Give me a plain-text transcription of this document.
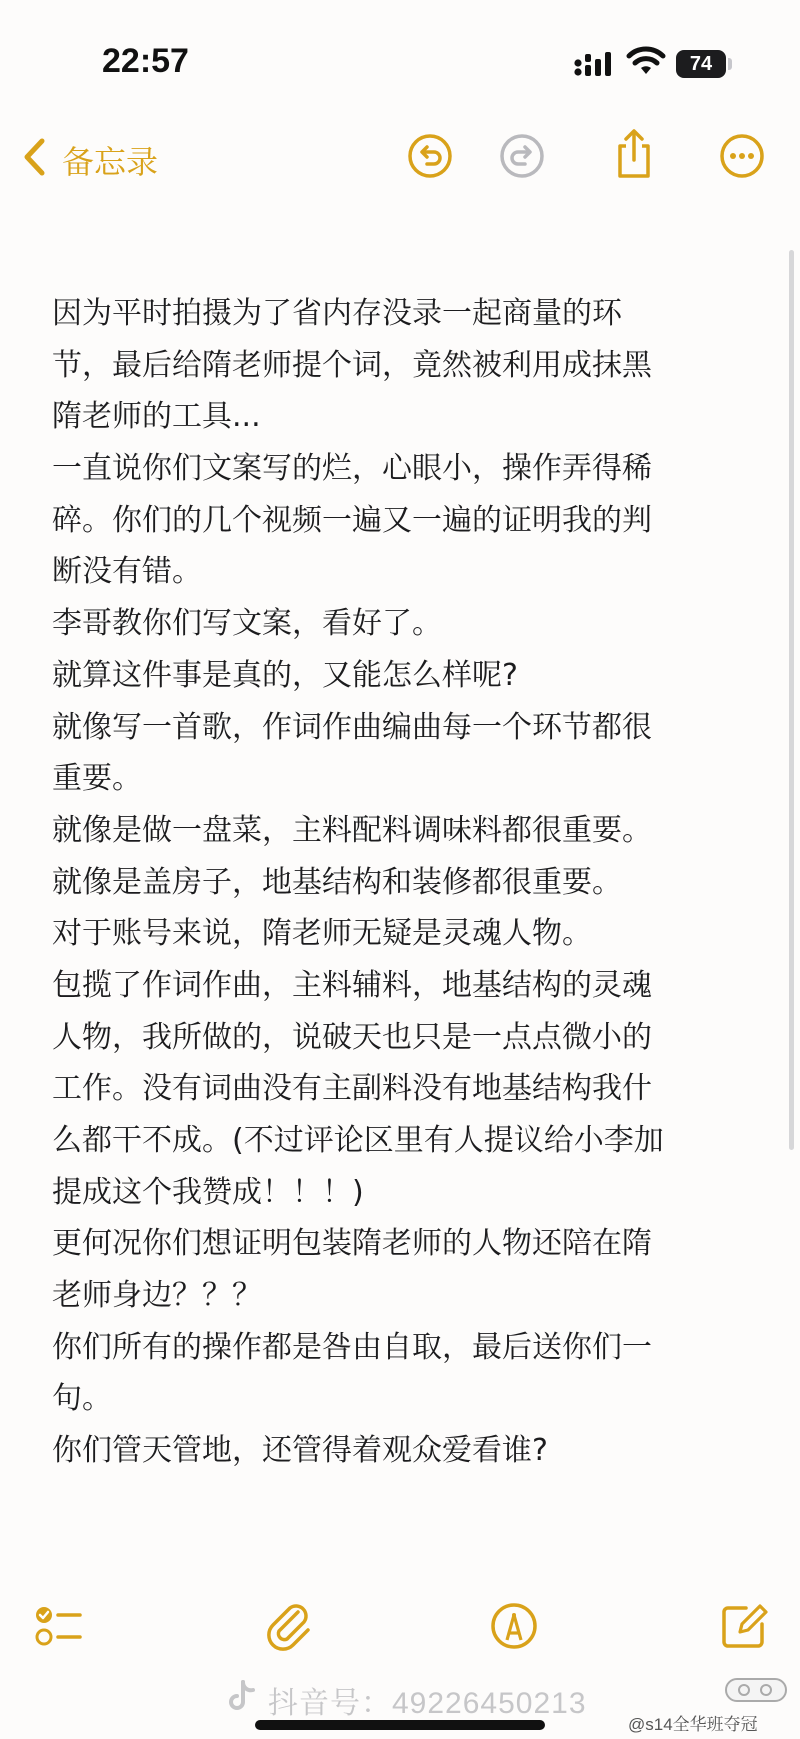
22:57	74
备忘录
因为平时拍摄为了省内存没录一起商量的环
节，最后给隋老师提个词，竟然被利用成抹黑
隋老师的工具...
一直说你们文案写的烂，心眼小，操作弄得稀
碎。你们的几个视频一遍又一遍的证明我的判
断没有错。
李哥教你们写文案，看好了。
就算这件事是真的，又能怎么样呢?
就像写一首歌，作词作曲编曲每一个环节都很
重要。
就像是做一盘菜，主料配料调味料都很重要。
就像是盖房子，地基结构和装修都很重要。
对于账号来说，隋老师无疑是灵魂人物。
包揽了作词作曲，主料辅料，地基结构的灵魂
人物，我所做的，说破天也只是一点点微小的
工作。没有词曲没有主副料没有地基结构我什
么都干不成。(不过评论区里有人提议给小李加
提成这个我赞成！！！)
更何况你们想证明包装隋老师的人物还陪在隋
老师身边？？？
你们所有的操作都是咎由自取，最后送你们一
句。
你们管天管地，还管得着观众爱看谁?
抖音号：49226450213
@s14全华班夺冠
